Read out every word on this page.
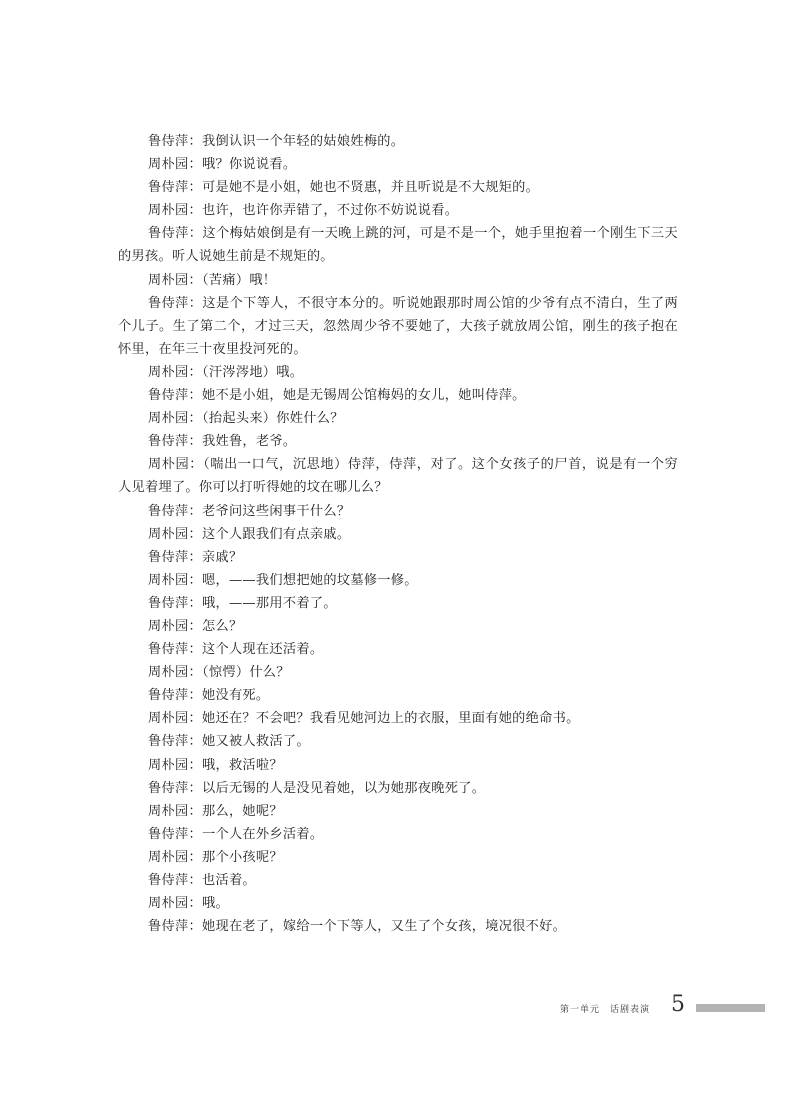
鲁侍萍 ： 我倒认识一个年轻的姑娘姓梅的。

周朴园 ： 哦？你说说看。

鲁侍萍 ： 可是她不是小姐，她也不贤惠，并且听说是不大规矩的。

周朴园 ： 也许，也许你弄错了，不过你不妨说说看。

鲁侍萍 ： 这个梅姑娘倒是有一天晚上跳的河，可是不是一个，她手里抱着一个刚生下三天的男孩。听人说她生前是不规矩的。

周朴园 ： （苦痛）哦！

鲁侍萍 ： 这是个下等人，不很守本分的。听说她跟那时周公馆的少爷有点不清白，生了两个儿子。生了第二个，才过三天，忽然周少爷不要她了，大孩子就放周公馆，刚生的孩子抱在怀里，在年三十夜里投河死的。

周朴园 ： （汗涔涔地）哦。

鲁侍萍 ： 她不是小姐，她是无锡周公馆梅妈的女儿，她叫侍萍。

周朴园 ： （抬起头来）你姓什么？

鲁侍萍 ： 我姓鲁，老爷。

周朴园 ： （喘出一口气，沉思地）侍萍，侍萍，对了。这个女孩子的尸首，说是有一个穷人见着埋了。你可以打听得她的坟在哪儿么？

鲁侍萍 ： 老爷问这些闲事干什么？

周朴园 ： 这个人跟我们有点亲戚。

鲁侍萍 ： 亲戚？

周朴园 ： 嗯，——我们想把她的坟墓修一修。

鲁侍萍 ： 哦，——那用不着了。

周朴园 ： 怎么？

鲁侍萍 ： 这个人现在还活着。

周朴园 ： （惊愕）什么？

鲁侍萍 ： 她没有死。

周朴园 ： 她还在？不会吧？我看见她河边上的衣服，里面有她的绝命书。

鲁侍萍 ： 她又被人救活了。

周朴园 ： 哦，救活啦？

鲁侍萍 ： 以后无锡的人是没见着她，以为她那夜晚死了。

周朴园 ： 那么，她呢？

鲁侍萍 ： 一个人在外乡活着。

周朴园 ： 那个小孩呢？

鲁侍萍 ： 也活着。

周朴园 ： 哦。

鲁侍萍 ： 她现在老了，嫁给一个下等人，又生了个女孩，境况很不好。

第一单元　话剧表演 5
